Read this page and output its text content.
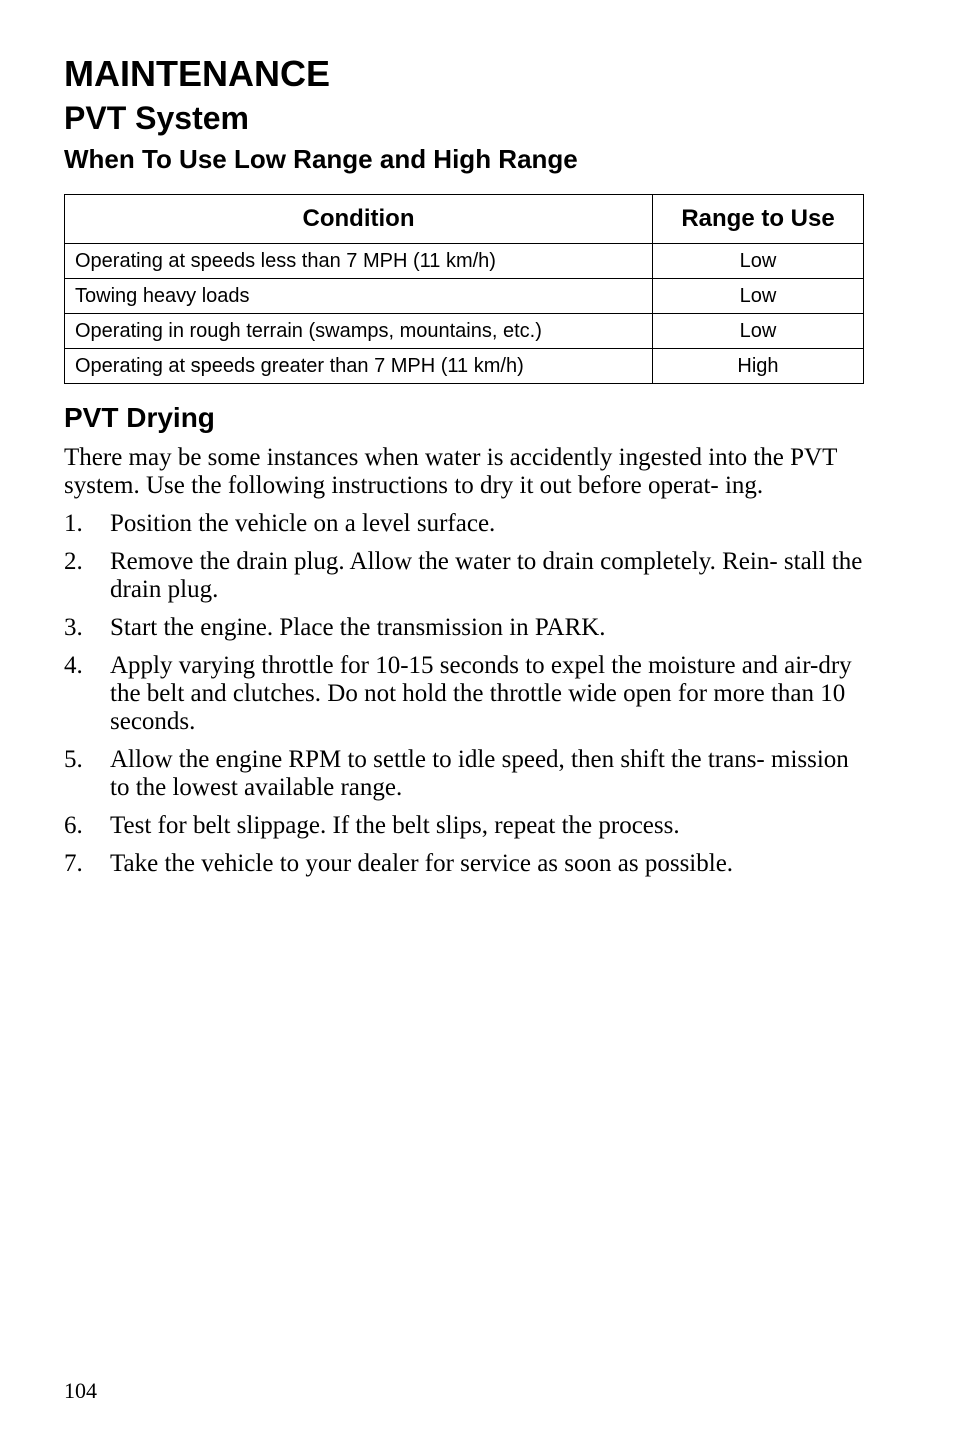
MAINTENANCE
PVT System
When To Use Low Range and High Range
Condition	Range to Use
Operating at speeds less than 7 MPH (11 km/h)	Low
Towing heavy loads	Low
Operating in rough terrain (swamps, mountains, etc.)	Low
Operating at speeds greater than 7 MPH (11 km/h)	High
PVT Drying

There may be some instances when water is accidently ingested into the PVT system. Use the following instructions to dry it out before operat- ing.

1. Position the vehicle on a level surface.
2. Remove the drain plug. Allow the water to drain completely. Rein- stall the drain plug.
3. Start the engine. Place the transmission in PARK.
4. Apply varying throttle for 10-15 seconds to expel the moisture and air-dry the belt and clutches. Do not hold the throttle wide open for more than 10 seconds.
5. Allow the engine RPM to settle to idle speed, then shift the trans- mission to the lowest available range.
6. Test for belt slippage. If the belt slips, repeat the process.
7. Take the vehicle to your dealer for service as soon as possible.
104
